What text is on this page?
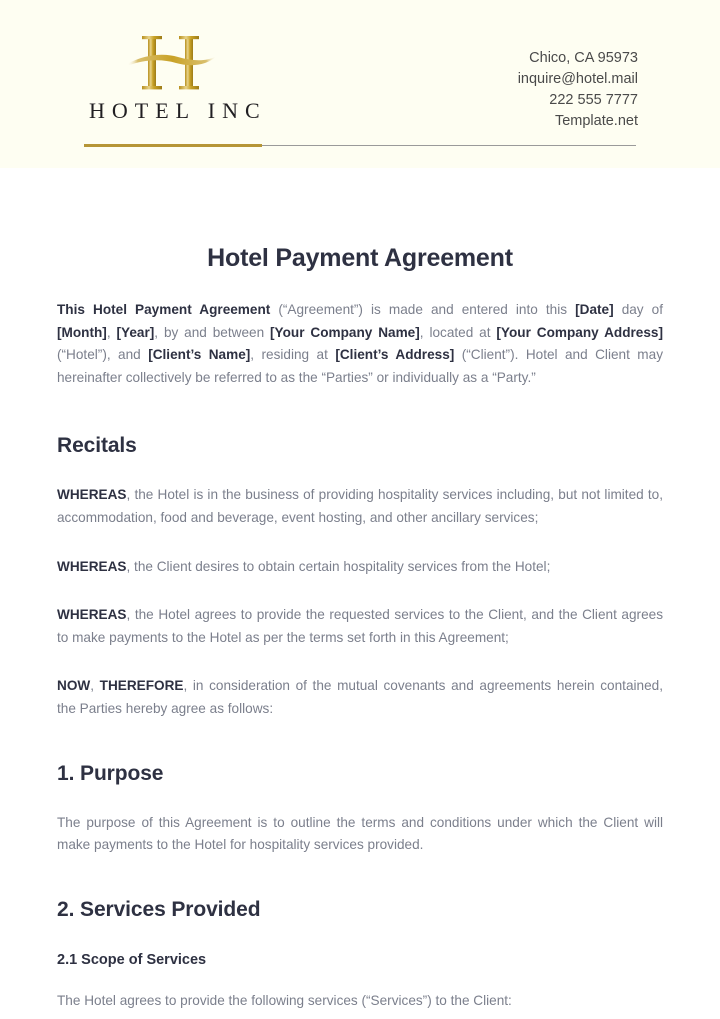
HOTEL INC
Chico, CA 95973
inquire@hotel.mail
222 555 7777
Template.net
Hotel Payment Agreement

This Hotel Payment Agreement (“Agreement”) is made and entered into this [Date] day of [Month], [Year], by and between [Your Company Name], located at [Your Company Address] (“Hotel”), and [Client’s Name], residing at [Client’s Address] (“Client”). Hotel and Client may hereinafter collectively be referred to as the “Parties” or individually as a “Party.”

Recitals

WHEREAS, the Hotel is in the business of providing hospitality services including, but not limited to, accommodation, food and beverage, event hosting, and other ancillary services;

WHEREAS, the Client desires to obtain certain hospitality services from the Hotel;

WHEREAS, the Hotel agrees to provide the requested services to the Client, and the Client agrees to make payments to the Hotel as per the terms set forth in this Agreement;

NOW, THEREFORE, in consideration of the mutual covenants and agreements herein contained, the Parties hereby agree as follows:

1. Purpose

The purpose of this Agreement is to outline the terms and conditions under which the Client will make payments to the Hotel for hospitality services provided.

2. Services Provided
2.1 Scope of Services

The Hotel agrees to provide the following services (“Services”) to the Client:
